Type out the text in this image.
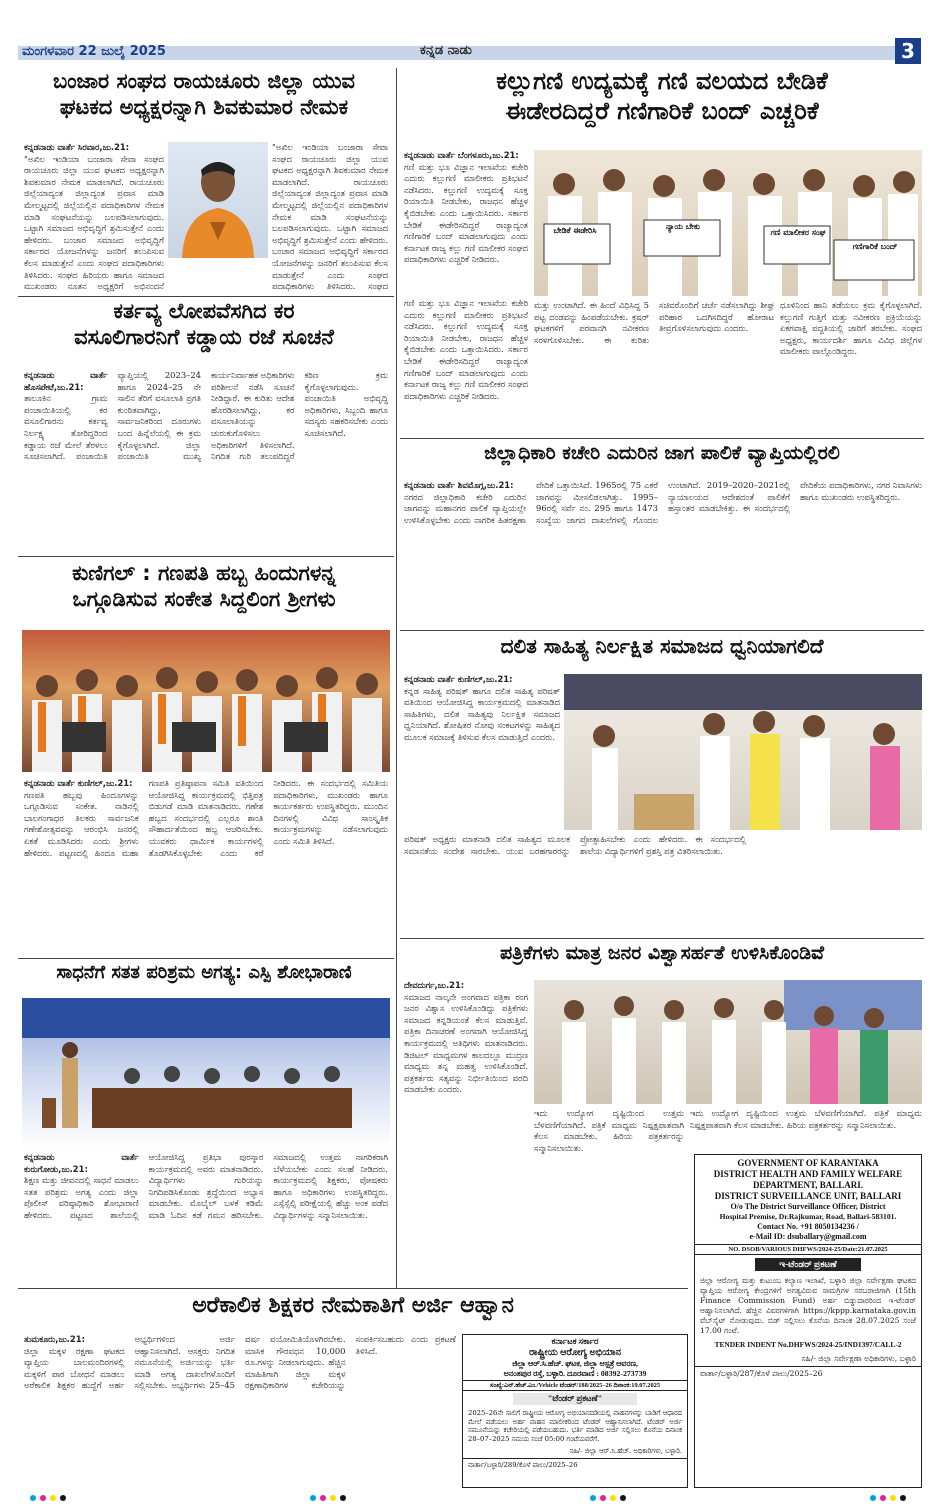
ಮಂಗಳವಾರ 22 ಜುಲೈ 2025	ಕನ್ನಡ ನಾಡು	3
ಬಂಜಾರ ಸಂಘದ ರಾಯಚೂರು ಜಿಲ್ಲಾ ಯುವ
ಘಟಕದ ಅಧ್ಯಕ್ಷರನ್ನಾಗಿ ಶಿವಕುಮಾರ ನೇಮಕ
ಕನ್ನಡನಾಡು ವಾರ್ತೆ ಸಿರವಾರ,ಜು.21:
"ಅಖಿಲ ಇಂಡಿಯಾ ಬಂಜಾರಾ ಸೇವಾ ಸಂಘದ ರಾಯಚೂರು ಜಿಲ್ಲಾ ಯುವ ಘಟಕದ ಅಧ್ಯಕ್ಷರನ್ನಾಗಿ ಶಿವಕುಮಾರ ನೇಮಕ ಮಾಡಲಾಗಿದೆ. ರಾಯಚೂರು ಜಿಲ್ಲೆಯಾದ್ಯಂತ ಜಿಲ್ಲಾದ್ಯಂತ ಪ್ರವಾಸ ಮಾಡಿ ಮೇಲ್ಮಟ್ಟದಲ್ಲಿ ಜಿಲ್ಲೆಯಲ್ಲಿನ ಪದಾಧಿಕಾರಿಗಳ ನೇಮಕ ಮಾಡಿ ಸಂಘಟನೆಯನ್ನು ಬಲಪಡಿಸಲಾಗುವುದು. ಒಟ್ಟಾಗಿ ಸಮಾಜದ ಅಭಿವೃದ್ಧಿಗೆ ಶ್ರಮಿಸುತ್ತೇನೆ ಎಂದು ಹೇಳಿದರು. ಬಂಜಾರ ಸಮಾಜದ ಅಭಿವೃದ್ಧಿಗೆ ಸರ್ಕಾರದ ಯೋಜನೆಗಳನ್ನು ಜನರಿಗೆ ತಲುಪಿಸುವ ಕೆಲಸ ಮಾಡುತ್ತೇನೆ ಎಂದು ಸಂಘದ ಪದಾಧಿಕಾರಿಗಳು ತಿಳಿಸಿದರು. ಸಂಘದ ಹಿರಿಯರು ಹಾಗೂ ಸಮಾಜದ ಮುಖಂಡರು ನೂತನ ಅಧ್ಯಕ್ಷರಿಗೆ ಅಭಿನಂದನೆ
"ಅಖಿಲ ಇಂಡಿಯಾ ಬಂಜಾರಾ ಸೇವಾ ಸಂಘದ ರಾಯಚೂರು ಜಿಲ್ಲಾ ಯುವ ಘಟಕದ ಅಧ್ಯಕ್ಷರನ್ನಾಗಿ ಶಿವಕುಮಾರ ನೇಮಕ ಮಾಡಲಾಗಿದೆ. ರಾಯಚೂರು ಜಿಲ್ಲೆಯಾದ್ಯಂತ ಜಿಲ್ಲಾದ್ಯಂತ ಪ್ರವಾಸ ಮಾಡಿ ಮೇಲ್ಮಟ್ಟದಲ್ಲಿ ಜಿಲ್ಲೆಯಲ್ಲಿನ ಪದಾಧಿಕಾರಿಗಳ ನೇಮಕ ಮಾಡಿ ಸಂಘಟನೆಯನ್ನು ಬಲಪಡಿಸಲಾಗುವುದು. ಒಟ್ಟಾಗಿ ಸಮಾಜದ ಅಭಿವೃದ್ಧಿಗೆ ಶ್ರಮಿಸುತ್ತೇನೆ ಎಂದು ಹೇಳಿದರು. ಬಂಜಾರ ಸಮಾಜದ ಅಭಿವೃದ್ಧಿಗೆ ಸರ್ಕಾರದ ಯೋಜನೆಗಳನ್ನು ಜನರಿಗೆ ತಲುಪಿಸುವ ಕೆಲಸ ಮಾಡುತ್ತೇನೆ ಎಂದು ಸಂಘದ ಪದಾಧಿಕಾರಿಗಳು ತಿಳಿಸಿದರು. ಸಂಘದ
ಕರ್ತವ್ಯ ಲೋಪವೆಸಗಿದ ಕರ
ವಸೂಲಿಗಾರನಿಗೆ ಕಡ್ಡಾಯ ರಜೆ ಸೂಚನೆ
ಕನ್ನಡನಾಡು ವಾರ್ತೆ ಹೊಸಪೇಟೆ,ಜು.21:
ತಾಲೂಕಿನ ಗ್ರಾಮ ಪಂಚಾಯಿತಿಯಲ್ಲಿ ಕರ ವಸೂಲಿಗಾರನು ಕರ್ತವ್ಯ ನಿರ್ಲಕ್ಷ್ಯ ತೋರಿದ್ದರಿಂದ ಕಡ್ಡಾಯ ರಜೆ ಮೇಲೆ ತೆರಳಲು ಸೂಚಿಸಲಾಗಿದೆ. ಪಂಚಾಯಿತಿ ವ್ಯಾಪ್ತಿಯಲ್ಲಿ 2023–24 ಹಾಗೂ 2024–25 ನೇ ಸಾಲಿನ ತೆರಿಗೆ ವಸೂಲಾತಿ ಪ್ರಗತಿ ಕುಂಠಿತವಾಗಿದ್ದು, ಸಾರ್ವಜನಿಕರಿಂದ ದೂರುಗಳು ಬಂದ ಹಿನ್ನೆಲೆಯಲ್ಲಿ ಈ ಕ್ರಮ ಕೈಗೊಳ್ಳಲಾಗಿದೆ. ಜಿಲ್ಲಾ ಪಂಚಾಯಿತಿ ಮುಖ್ಯ ಕಾರ್ಯನಿರ್ವಾಹಕ ಅಧಿಕಾರಿಗಳು ಪರಿಶೀಲನೆ ನಡೆಸಿ ಸೂಚನೆ ನೀಡಿದ್ದಾರೆ. ಈ ಕುರಿತು ಆದೇಶ ಹೊರಡಿಸಲಾಗಿದ್ದು, ಕರ ವಸೂಲಾತಿಯನ್ನು ಚುರುಕುಗೊಳಿಸಲು ಅಧಿಕಾರಿಗಳಿಗೆ ತಿಳಿಸಲಾಗಿದೆ. ನಿಗದಿತ ಗುರಿ ತಲುಪದಿದ್ದರೆ ಕಠಿಣ ಕ್ರಮ ಕೈಗೊಳ್ಳಲಾಗುವುದು. ಪಂಚಾಯಿತಿ ಅಭಿವೃದ್ಧಿ ಅಧಿಕಾರಿಗಳು, ಸಿಬ್ಬಂದಿ ಹಾಗೂ ಸದಸ್ಯರು ಸಹಕರಿಸಬೇಕು ಎಂದು ಸೂಚಿಸಲಾಗಿದೆ.
ಕುಣಿಗಲ್ : ಗಣಪತಿ ಹಬ್ಬ ಹಿಂದುಗಳನ್ನ
ಒಗ್ಗೂಡಿಸುವ ಸಂಕೇತ ಸಿದ್ದಲಿಂಗ ಶ್ರೀಗಳು
ಕನ್ನಡನಾಡು ವಾರ್ತೆ ಕುಣಿಗಲ್,ಜು.21:
ಗಣಪತಿ ಹಬ್ಬವು ಹಿಂದೂಗಳನ್ನು ಒಗ್ಗೂಡಿಸುವ ಸಂಕೇತ. ನಾಡಿನಲ್ಲಿ ಬಾಲಗಂಗಾಧರ ತಿಲಕರು ಸಾರ್ವಜನಿಕ ಗಣೇಶೋತ್ಸವವನ್ನು ಆರಂಭಿಸಿ ಜನರಲ್ಲಿ ಏಕತೆ ಮೂಡಿಸಿದರು ಎಂದು ಶ್ರೀಗಳು ಹೇಳಿದರು. ಪಟ್ಟಣದಲ್ಲಿ ಹಿಂದೂ ಮಹಾ ಗಣಪತಿ ಪ್ರತಿಷ್ಠಾಪನಾ ಸಮಿತಿ ವತಿಯಿಂದ ಆಯೋಜಿಸಿದ್ದ ಕಾರ್ಯಕ್ರಮದಲ್ಲಿ ಭಿತ್ತಿಪತ್ರ ಬಿಡುಗಡೆ ಮಾಡಿ ಮಾತನಾಡಿದರು. ಗಣೇಶ ಹಬ್ಬದ ಸಂದರ್ಭದಲ್ಲಿ ಎಲ್ಲರೂ ಶಾಂತಿ ಸೌಹಾರ್ದತೆಯಿಂದ ಹಬ್ಬ ಆಚರಿಸಬೇಕು. ಯುವಕರು ಧಾರ್ಮಿಕ ಕಾರ್ಯಗಳಲ್ಲಿ ತೊಡಗಿಸಿಕೊಳ್ಳಬೇಕು ಎಂದು ಕರೆ ನೀಡಿದರು. ಈ ಸಂದರ್ಭದಲ್ಲಿ ಸಮಿತಿಯ ಪದಾಧಿಕಾರಿಗಳು, ಮುಖಂಡರು ಹಾಗೂ ಕಾರ್ಯಕರ್ತರು ಉಪಸ್ಥಿತರಿದ್ದರು. ಮುಂದಿನ ದಿನಗಳಲ್ಲಿ ವಿವಿಧ ಸಾಂಸ್ಕೃತಿಕ ಕಾರ್ಯಕ್ರಮಗಳನ್ನು ನಡೆಸಲಾಗುವುದು ಎಂದು ಸಮಿತಿ ತಿಳಿಸಿದೆ.
ಸಾಧನೆಗೆ ಸತತ ಪರಿಶ್ರಮ ಅಗತ್ಯ: ಎಸ್ಪಿ ಶೋಭಾರಾಣಿ
ಕನ್ನಡನಾಡು ವಾರ್ತೆ ಕುರುಗೋಡು,ಜು.21:
ಶಿಕ್ಷಣ ಮತ್ತು ಜೀವನದಲ್ಲಿ ಸಾಧನೆ ಮಾಡಲು ಸತತ ಪರಿಶ್ರಮ ಅಗತ್ಯ ಎಂದು ಜಿಲ್ಲಾ ಪೊಲೀಸ್ ವರಿಷ್ಠಾಧಿಕಾರಿ ಶೋಭಾರಾಣಿ ಹೇಳಿದರು. ಪಟ್ಟಣದ ಶಾಲೆಯಲ್ಲಿ ಆಯೋಜಿಸಿದ್ದ ಪ್ರತಿಭಾ ಪುರಸ್ಕಾರ ಕಾರ್ಯಕ್ರಮದಲ್ಲಿ ಅವರು ಮಾತನಾಡಿದರು. ವಿದ್ಯಾರ್ಥಿಗಳು ಗುರಿಯನ್ನು ನಿಗದಿಪಡಿಸಿಕೊಂಡು ಶ್ರದ್ಧೆಯಿಂದ ಅಭ್ಯಾಸ ಮಾಡಬೇಕು. ಮೊಬೈಲ್ ಬಳಕೆ ಕಡಿಮೆ ಮಾಡಿ ಓದಿನ ಕಡೆ ಗಮನ ಹರಿಸಬೇಕು. ಸಮಾಜದಲ್ಲಿ ಉತ್ತಮ ನಾಗರಿಕರಾಗಿ ಬೆಳೆಯಬೇಕು ಎಂದು ಸಲಹೆ ನೀಡಿದರು. ಕಾರ್ಯಕ್ರಮದಲ್ಲಿ ಶಿಕ್ಷಕರು, ಪೋಷಕರು ಹಾಗೂ ಅಧಿಕಾರಿಗಳು ಉಪಸ್ಥಿತರಿದ್ದರು. ಎಸ್ಸೆಸ್ಸೆಲ್ಸಿ ಪರೀಕ್ಷೆಯಲ್ಲಿ ಹೆಚ್ಚು ಅಂಕ ಪಡೆದ ವಿದ್ಯಾರ್ಥಿಗಳನ್ನು ಸನ್ಮಾನಿಸಲಾಯಿತು.
ಅರೆಕಾಲಿಕ ಶಿಕ್ಷಕರ ನೇಮಕಾತಿಗೆ ಅರ್ಜಿ ಆಹ್ವಾನ
ತುಮಕೂರು,ಜು.21:
ಜಿಲ್ಲಾ ಮಕ್ಕಳ ರಕ್ಷಣಾ ಘಟಕದ ವ್ಯಾಪ್ತಿಯ ಬಾಲಮಂದಿರಗಳಲ್ಲಿ ಮಕ್ಕಳಿಗೆ ಪಾಠ ಬೋಧನೆ ಮಾಡಲು ಅರೆಕಾಲಿಕ ಶಿಕ್ಷಕರ ಹುದ್ದೆಗೆ ಅರ್ಹ ಅಭ್ಯರ್ಥಿಗಳಿಂದ ಅರ್ಜಿ ಆಹ್ವಾನಿಸಲಾಗಿದೆ. ಆಸಕ್ತರು ನಿಗದಿತ ನಮೂನೆಯಲ್ಲಿ ಅರ್ಜಿಯನ್ನು ಭರ್ತಿ ಮಾಡಿ ಅಗತ್ಯ ದಾಖಲೆಗಳೊಂದಿಗೆ ಸಲ್ಲಿಸಬೇಕು. ಅಭ್ಯರ್ಥಿಗಳು 25–45 ವರ್ಷ ವಯೋಮಿತಿಯೊಳಗಿರಬೇಕು. ಮಾಸಿಕ ಗೌರವಧನ 10,000 ರೂ.ಗಳನ್ನು ನೀಡಲಾಗುವುದು. ಹೆಚ್ಚಿನ ಮಾಹಿತಿಗಾಗಿ ಜಿಲ್ಲಾ ಮಕ್ಕಳ ರಕ್ಷಣಾಧಿಕಾರಿಗಳ ಕಚೇರಿಯನ್ನು ಸಂಪರ್ಕಿಸಬಹುದು ಎಂದು ಪ್ರಕಟಣೆ ತಿಳಿಸಿದೆ.
ಕಲ್ಲುಗಣಿ ಉದ್ಯಮಕ್ಕೆ ಗಣಿ ವಲಯದ ಬೇಡಿಕೆ
ಈಡೇರದಿದ್ದರೆ ಗಣಿಗಾರಿಕೆ ಬಂದ್ ಎಚ್ಚರಿಕೆ
ಕನ್ನಡನಾಡು ವಾರ್ತೆ ಬೆಂಗಳೂರು,ಜು.21:
ಗಣಿ ಮತ್ತು ಭೂ ವಿಜ್ಞಾನ ಇಲಾಖೆಯ ಕಚೇರಿ ಎದುರು ಕಲ್ಲುಗಣಿ ಮಾಲೀಕರು ಪ್ರತಿಭಟನೆ ನಡೆಸಿದರು. ಕಲ್ಲುಗಣಿ ಉದ್ಯಮಕ್ಕೆ ಸೂಕ್ತ ರಿಯಾಯಿತಿ ನೀಡಬೇಕು, ರಾಜಧನ ಹೆಚ್ಚಳ ಕೈಬಿಡಬೇಕು ಎಂದು ಒತ್ತಾಯಿಸಿದರು. ಸರ್ಕಾರ ಬೇಡಿಕೆ ಈಡೇರಿಸದಿದ್ದರೆ ರಾಜ್ಯಾದ್ಯಂತ ಗಣಿಗಾರಿಕೆ ಬಂದ್ ಮಾಡಲಾಗುವುದು ಎಂದು ಕರ್ನಾಟಕ ರಾಜ್ಯ ಕಲ್ಲು ಗಣಿ ಮಾಲೀಕರ ಸಂಘದ ಪದಾಧಿಕಾರಿಗಳು ಎಚ್ಚರಿಕೆ ನೀಡಿದರು.
ಬೇಡಿಕೆ ಈಡೇರಿಸಿ	ನ್ಯಾಯ ಬೇಕು
ಗಣಿ ಮಾಲೀಕರ ಸಂಘ
ಗಣಿಗಾರಿಕೆ ಬಂದ್
ಗಣಿ ಮತ್ತು ಭೂ ವಿಜ್ಞಾನ ಇಲಾಖೆಯ ಕಚೇರಿ ಎದುರು ಕಲ್ಲುಗಣಿ ಮಾಲೀಕರು ಪ್ರತಿಭಟನೆ ನಡೆಸಿದರು. ಕಲ್ಲುಗಣಿ ಉದ್ಯಮಕ್ಕೆ ಸೂಕ್ತ ರಿಯಾಯಿತಿ ನೀಡಬೇಕು, ರಾಜಧನ ಹೆಚ್ಚಳ ಕೈಬಿಡಬೇಕು ಎಂದು ಒತ್ತಾಯಿಸಿದರು. ಸರ್ಕಾರ ಬೇಡಿಕೆ ಈಡೇರಿಸದಿದ್ದರೆ ರಾಜ್ಯಾದ್ಯಂತ ಗಣಿಗಾರಿಕೆ ಬಂದ್ ಮಾಡಲಾಗುವುದು ಎಂದು ಕರ್ನಾಟಕ ರಾಜ್ಯ ಕಲ್ಲು ಗಣಿ ಮಾಲೀಕರ ಸಂಘದ ಪದಾಧಿಕಾರಿಗಳು ಎಚ್ಚರಿಕೆ ನೀಡಿದರು.
ಮತ್ತು ಉಂಟಾಗಿದೆ. ಈ ಹಿಂದೆ ವಿಧಿಸಿದ್ದ 5 ಪಟ್ಟ ದಂಡವನ್ನು ಹಿಂಪಡೆಯಬೇಕು. ಕ್ರಷರ್ ಘಟಕಗಳಿಗೆ ಪರವಾನಗಿ ನವೀಕರಣ ಸರಳಗೊಳಿಸಬೇಕು. ಈ ಕುರಿತು ಸಚಿವರೊಂದಿಗೆ ಚರ್ಚೆ ನಡೆಸಲಾಗಿದ್ದು ಶೀಘ್ರ ಪರಿಹಾರ ಒದಗಿಸದಿದ್ದರೆ ಹೋರಾಟ ತೀವ್ರಗೊಳಿಸಲಾಗುವುದು ಎಂದರು.
ಧೂಳಿನಿಂದ ಹಾನಿ ತಡೆಯಲು ಕ್ರಮ ಕೈಗೊಳ್ಳಲಾಗಿದೆ. ಕಲ್ಲುಗಣಿ ಗುತ್ತಿಗೆ ಮತ್ತು ನವೀಕರಣ ಪ್ರಕ್ರಿಯೆಯನ್ನು ಏಕಗವಾಕ್ಷಿ ಪದ್ಧತಿಯಲ್ಲಿ ಜಾರಿಗೆ ತರಬೇಕು. ಸಂಘದ ಅಧ್ಯಕ್ಷರು, ಕಾರ್ಯದರ್ಶಿ ಹಾಗೂ ವಿವಿಧ ಜಿಲ್ಲೆಗಳ ಮಾಲೀಕರು ಪಾಲ್ಗೊಂಡಿದ್ದರು.
ಜಿಲ್ಲಾಧಿಕಾರಿ ಕಚೇರಿ ಎದುರಿನ ಜಾಗ ಪಾಲಿಕೆ ವ್ಯಾಪ್ತಿಯಲ್ಲಿರಲಿ
ಕನ್ನಡನಾಡು ವಾರ್ತೆ ಶಿವಮೊಗ್ಗ,ಜು.21:
ನಗರದ ಜಿಲ್ಲಾಧಿಕಾರಿ ಕಚೇರಿ ಎದುರಿನ ಜಾಗವನ್ನು ಮಹಾನಗರ ಪಾಲಿಕೆ ವ್ಯಾಪ್ತಿಯಲ್ಲೇ ಉಳಿಸಿಕೊಳ್ಳಬೇಕು ಎಂದು ನಾಗರಿಕ ಹಿತರಕ್ಷಣಾ ವೇದಿಕೆ ಒತ್ತಾಯಿಸಿದೆ. 1965ರಲ್ಲಿ 75 ಎಕರೆ ಜಾಗವನ್ನು ಮೀಸಲಿಡಲಾಗಿತ್ತು. 1995–96ರಲ್ಲಿ ಸರ್ವೆ ನಂ. 295 ಹಾಗೂ 1473 ಸಂಖ್ಯೆಯ ಜಾಗದ ದಾಖಲೆಗಳಲ್ಲಿ ಗೊಂದಲ ಉಂಟಾಗಿದೆ. 2019–2020–2021ರಲ್ಲಿ ನ್ಯಾಯಾಲಯದ ಆದೇಶದಂತೆ ಪಾಲಿಕೆಗೆ ಹಸ್ತಾಂತರ ಮಾಡಬೇಕಿತ್ತು. ಈ ಸಂದರ್ಭದಲ್ಲಿ ವೇದಿಕೆಯ ಪದಾಧಿಕಾರಿಗಳು, ನಗರ ನಿವಾಸಿಗಳು ಹಾಗೂ ಮುಖಂಡರು ಉಪಸ್ಥಿತರಿದ್ದರು.
ದಲಿತ ಸಾಹಿತ್ಯ ನಿರ್ಲಕ್ಷಿತ ಸಮಾಜದ ಧ್ವನಿಯಾಗಲಿದೆ
ಕನ್ನಡನಾಡು ವಾರ್ತೆ ಕುಣಿಗಲ್,ಜು.21:
ಕನ್ನಡ ಸಾಹಿತ್ಯ ಪರಿಷತ್ ಹಾಗೂ ದಲಿತ ಸಾಹಿತ್ಯ ಪರಿಷತ್ ವತಿಯಿಂದ ಆಯೋಜಿಸಿದ್ದ ಕಾರ್ಯಕ್ರಮದಲ್ಲಿ ಮಾತನಾಡಿದ ಸಾಹಿತಿಗಳು, ದಲಿತ ಸಾಹಿತ್ಯವು ನಿರ್ಲಕ್ಷಿತ ಸಮಾಜದ ಧ್ವನಿಯಾಗಿದೆ. ಶೋಷಿತರ ನೋವು ಸಂಕಟಗಳನ್ನು ಸಾಹಿತ್ಯದ ಮೂಲಕ ಸಮಾಜಕ್ಕೆ ತಿಳಿಸುವ ಕೆಲಸ ಮಾಡುತ್ತಿದೆ ಎಂದರು.
ಪರಿಷತ್ ಅಧ್ಯಕ್ಷರು ಮಾತನಾಡಿ ದಲಿತ ಸಾಹಿತ್ಯದ ಮೂಲಕ ಸಮಾನತೆಯ ಸಂದೇಶ ಸಾರಬೇಕು. ಯುವ ಬರಹಗಾರರನ್ನು ಪ್ರೋತ್ಸಾಹಿಸಬೇಕು ಎಂದು ಹೇಳಿದರು. ಈ ಸಂದರ್ಭದಲ್ಲಿ ಶಾಲೆಯ ವಿದ್ಯಾರ್ಥಿಗಳಿಗೆ ಪ್ರಶಸ್ತಿ ಪತ್ರ ವಿತರಿಸಲಾಯಿತು.
ಪತ್ರಿಕೆಗಳು ಮಾತ್ರ ಜನರ ವಿಶ್ವಾಸರ್ಹತೆ ಉಳಿಸಿಕೊಂಡಿವೆ
ದೇವದುರ್ಗ,ಜು.21:
ಸಮಾಜದ ನಾಲ್ಕನೇ ಅಂಗವಾದ ಪತ್ರಿಕಾ ರಂಗ ಜನರ ವಿಶ್ವಾಸ ಉಳಿಸಿಕೊಂಡಿದ್ದು ಪತ್ರಿಕೆಗಳು ಸಮಾಜದ ಕನ್ನಡಿಯಂತೆ ಕೆಲಸ ಮಾಡುತ್ತಿವೆ. ಪತ್ರಿಕಾ ದಿನಾಚರಣೆ ಅಂಗವಾಗಿ ಆಯೋಜಿಸಿದ್ದ ಕಾರ್ಯಕ್ರಮದಲ್ಲಿ ಅತಿಥಿಗಳು ಮಾತನಾಡಿದರು. ಡಿಜಿಟಲ್ ಮಾಧ್ಯಮಗಳ ಕಾಲದಲ್ಲೂ ಮುದ್ರಣ ಮಾಧ್ಯಮ ತನ್ನ ಮಹತ್ವ ಉಳಿಸಿಕೊಂಡಿದೆ. ಪತ್ರಕರ್ತರು ಸತ್ಯವನ್ನು ನಿರ್ಭೀತಿಯಿಂದ ವರದಿ ಮಾಡಬೇಕು ಎಂದರು.
ಇದು ಉದ್ಯೋಗ ದೃಷ್ಟಿಯಿಂದ ಉತ್ತಮ ಬೆಳವಣಿಗೆಯಾಗಿದೆ. ಪತ್ರಿಕೆ ಮಾಧ್ಯಮ ನಿಷ್ಪಕ್ಷಪಾತವಾಗಿ ಕೆಲಸ ಮಾಡಬೇಕು. ಹಿರಿಯ ಪತ್ರಕರ್ತರನ್ನು ಸನ್ಮಾನಿಸಲಾಯಿತು.
ಇದು ಉದ್ಯೋಗ ದೃಷ್ಟಿಯಿಂದ ಉತ್ತಮ ಬೆಳವಣಿಗೆಯಾಗಿದೆ. ಪತ್ರಿಕೆ ಮಾಧ್ಯಮ ನಿಷ್ಪಕ್ಷಪಾತವಾಗಿ ಕೆಲಸ ಮಾಡಬೇಕು. ಹಿರಿಯ ಪತ್ರಕರ್ತರನ್ನು ಸನ್ಮಾನಿಸಲಾಯಿತು.
GOVERNMENT OF KARANTAKA
DISTRICT HEALTH AND FAMILY WELFARE
DEPARTMENT, BALLARI.
DISTRICT SURVEILLANCE UNIT, BALLARI
O/o The District Surveillance Officer, District
Hospital Premise, Dr.Rajkumar, Road, Ballari-583101.
Contact No. +91 8050134236 /
e-Mail ID: dsuballary@gmail.com
NO. DSOB/VARIOUS DHFWS/2024-25/Date:21.07.2025
ಇ-ಟೆಂಡರ್ ಪ್ರಕಟಣೆ
ಜಿಲ್ಲಾ ಆರೋಗ್ಯ ಮತ್ತು ಕುಟುಂಬ ಕಲ್ಯಾಣ ಇಲಾಖೆ, ಬಳ್ಳಾರಿ ಜಿಲ್ಲಾ ಸರ್ವೇಕ್ಷಣಾ ಘಟಕದ ವ್ಯಾಪ್ತಿಯ ಆರೋಗ್ಯ ಕೇಂದ್ರಗಳಿಗೆ ಅಗತ್ಯವಿರುವ ಸಾಮಗ್ರಿಗಳ ಸರಬರಾಜಿಗಾಗಿ (15th Finance Commission Fund) ಅರ್ಹ ಬಿಡ್ಡುದಾರರಿಂದ ಇ-ಟೆಂಡರ್ ಆಹ್ವಾನಿಸಲಾಗಿದೆ. ಹೆಚ್ಚಿನ ವಿವರಗಳಿಗಾಗಿ https://kppp.karnataka.gov.in ವೆಬ್‌ಸೈಟ್ ನೋಡುವುದು. ಬಿಡ್ ಸಲ್ಲಿಸಲು ಕೊನೆಯ ದಿನಾಂಕ 28.07.2025 ಸಂಜೆ 17.00 ಗಂಟೆ.
TENDER INDENT No.DHFWS/2024-25/IND1397/CALL-2
ಸಹಿ/- ಜಿಲ್ಲಾ ಸರ್ವೇಕ್ಷಣಾ ಅಧಿಕಾರಿಗಳು, ಬಳ್ಳಾರಿ
ವಾರ್ತಾ/ಬಳ್ಳಾರಿ/287/ಕೊಳೆ ಪಾಲು/2025–26
ಕರ್ನಾಟಕ ಸರ್ಕಾರ
ರಾಷ್ಟ್ರೀಯ ಆರೋಗ್ಯ ಅಭಿಯಾನ
ಜಿಲ್ಲಾ ಆರ್.ಸಿ.ಹೆಚ್. ಘಟಕ, ಜಿಲ್ಲಾ ಆಸ್ಪತ್ರೆ ಆವರಣ,
ಅನಂತಪುರ ರಸ್ತೆ, ಬಳ್ಳಾರಿ. ದೂರವಾಣಿ : 08392-273739
ಸಂಖ್ಯೆ:ಎನ್.ಹೆಚ್.ಎಂ./Vehicle ಟೆಂಡರ್/188/2025–26 ದಿನಾಂಕ:19.07.2025
"ಟೆಂಡರ್ ಪ್ರಕಟಣೆ"
2025–26ನೇ ಸಾಲಿಗೆ ರಾಷ್ಟ್ರೀಯ ಆರೋಗ್ಯ ಅಭಿಯಾನದಡಿಯಲ್ಲಿ ವಾಹನಗಳನ್ನು ಬಾಡಿಗೆ ಆಧಾರದ ಮೇಲೆ ಪಡೆಯಲು ಅರ್ಹ ವಾಹನ ಮಾಲೀಕರಿಂದ ಟೆಂಡರ್ ಆಹ್ವಾನಿಸಲಾಗಿದೆ. ಟೆಂಡರ್ ಅರ್ಜಿ ನಮೂನೆಯನ್ನು ಕಚೇರಿಯಲ್ಲಿ ಪಡೆಯಬಹುದು. ಭರ್ತಿ ಮಾಡಿದ ಅರ್ಜಿ ಸಲ್ಲಿಸಲು ಕೊನೆಯ ದಿನಾಂಕ 28–07–2025 ಸಮಯ ಸಂಜೆ 05:00 ಗಂಟೆಯವರೆಗೆ.
ಸಹಿ/- ಜಿಲ್ಲಾ ಆರ್.ಸಿ.ಹೆಚ್. ಅಧಿಕಾರಿಗಳು, ಬಳ್ಳಾರಿ.
ವಾರ್ತಾ/ಬಳ್ಳಾರಿ/289/ಕೊಳೆ ಪಾಲು/2025–26
